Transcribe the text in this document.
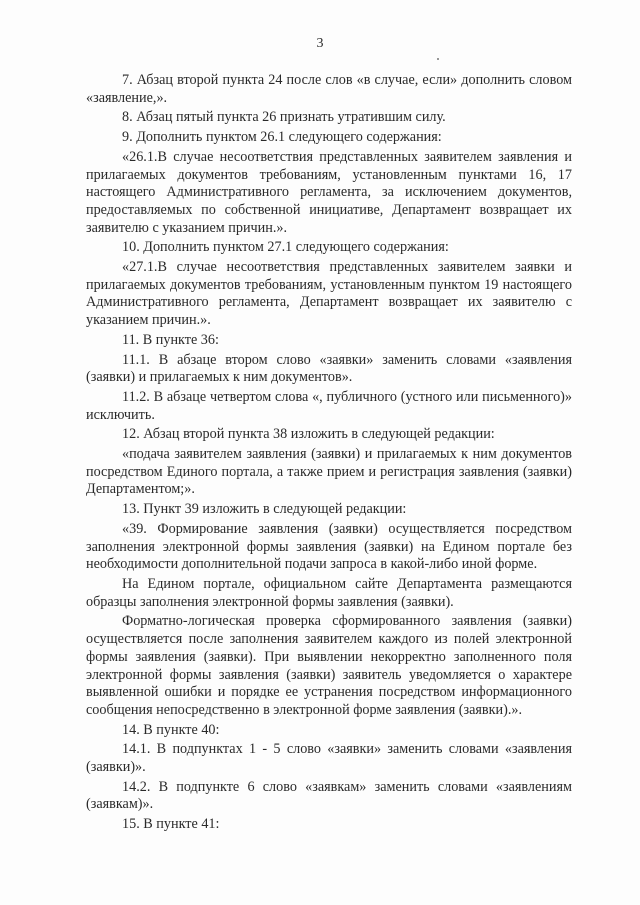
3

7. Абзац второй пункта 24 после слов «в случае, если» дополнить словом «заявление,».

8. Абзац пятый пункта 26 признать утратившим силу.

9. Дополнить пунктом 26.1 следующего содержания:

«26.1.В случае несоответствия представленных заявителем заявления и прилагаемых документов требованиям, установленным пунктами 16, 17 настоящего Административного регламента, за исключением документов, предоставляемых по собственной инициативе, Департамент возвращает их заявителю с указанием причин.».

10. Дополнить пунктом 27.1 следующего содержания:

«27.1.В случае несоответствия представленных заявителем заявки и прилагаемых документов требованиям, установленным пунктом 19 настоящего Административного регламента, Департамент возвращает их заявителю с указанием причин.».

11. В пункте 36:

11.1. В абзаце втором слово «заявки» заменить словами «заявления (заявки) и прилагаемых к ним документов».

11.2. В абзаце четвертом слова «, публичного (устного или письменного)» исключить.

12. Абзац второй пункта 38 изложить в следующей редакции:

«подача заявителем заявления (заявки) и прилагаемых к ним документов посредством Единого портала, а также прием и регистрация заявления (заявки) Департаментом;».

13. Пункт 39 изложить в следующей редакции:

«39. Формирование заявления (заявки) осуществляется посредством заполнения электронной формы заявления (заявки) на Едином портале без необходимости дополнительной подачи запроса в какой-либо иной форме.

На Едином портале, официальном сайте Департамента размещаются образцы заполнения электронной формы заявления (заявки).

Форматно-логическая проверка сформированного заявления (заявки) осуществляется после заполнения заявителем каждого из полей электронной формы заявления (заявки). При выявлении некорректно заполненного поля электронной формы заявления (заявки) заявитель уведомляется о характере выявленной ошибки и порядке ее устранения посредством информационного сообщения непосредственно в электронной форме заявления (заявки).».

14. В пункте 40:

14.1. В подпунктах 1 - 5 слово «заявки» заменить словами «заявления (заявки)».

14.2. В подпункте 6 слово «заявкам» заменить словами «заявлениям (заявкам)».

15. В пункте 41:
